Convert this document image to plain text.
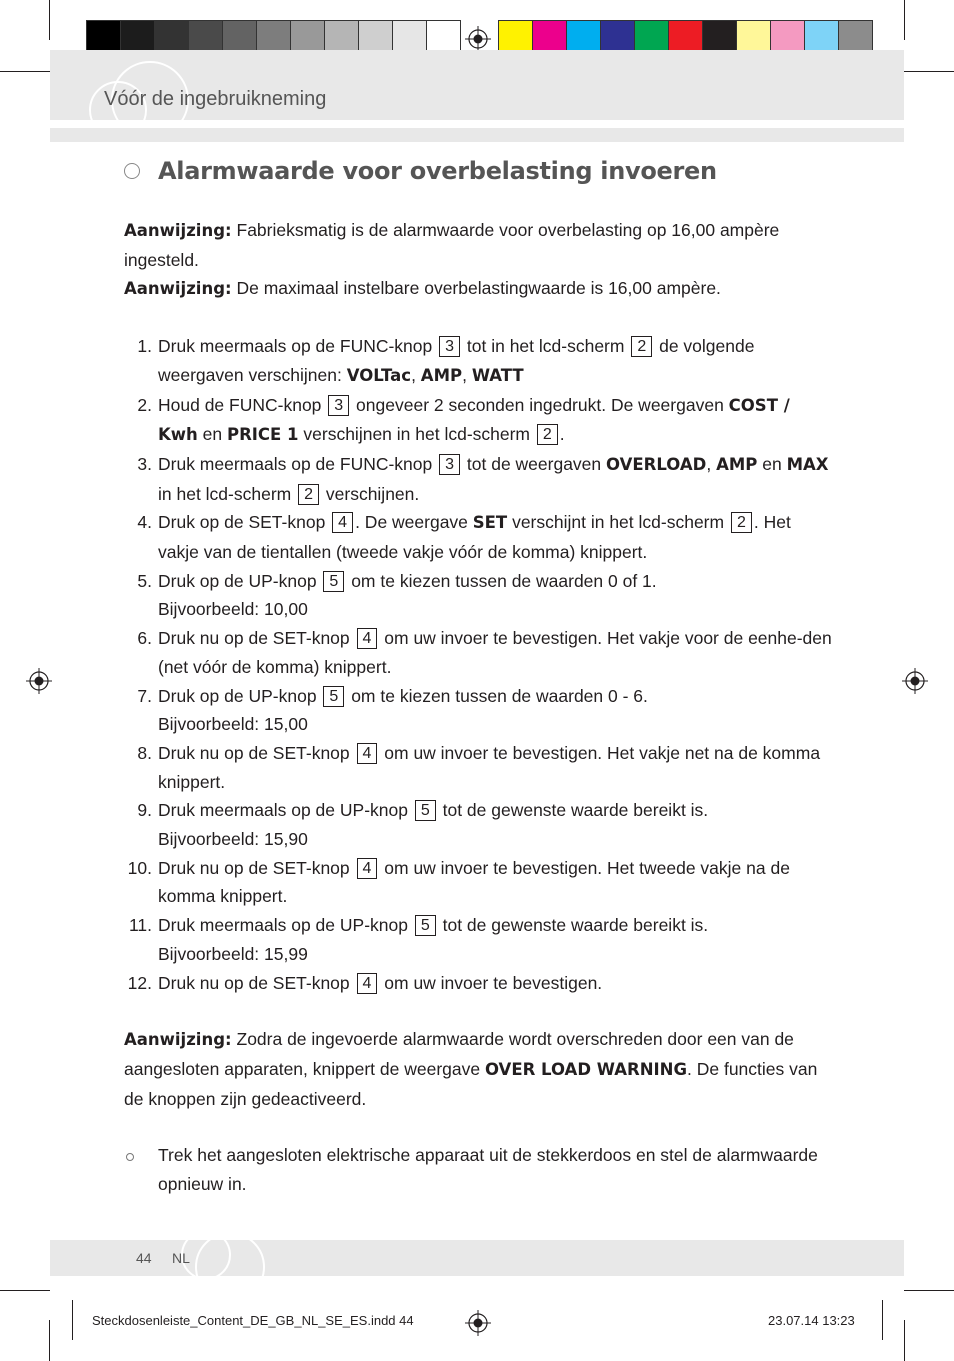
Vóór de ingebruikneming
Alarmwaarde voor overbelasting invoeren

Aanwijzing: Fabrieksmatig is de alarmwaarde voor overbelasting op 16,00 ampère ingesteld.

Aanwijzing: De maximaal instelbare overbelastingwaarde is 16,00 ampère.

1. Druk meermaals op de FUNC-knop 3 tot in het lcd-scherm 2 de volgende weergaven verschijnen: VOLTac, AMP, WATT
2. Houd de FUNC-knop 3 ongeveer 2 seconden ingedrukt. De weergaven COST / Kwh en PRICE 1 verschijnen in het lcd-scherm 2 .
3. Druk meermaals op de FUNC-knop 3 tot de weergaven OVERLOAD, AMP en MAX in het lcd-scherm 2 verschijnen.
4. Druk op de SET-knop 4 . De weergave SET verschijnt in het lcd-scherm 2 . Het vakje van de tientallen (tweede vakje vóór de komma) knippert.
5. Druk op de UP-knop 5 om te kiezen tussen de waarden 0 of 1.
Bijvoorbeeld: 10,00
6. Druk nu op de SET-knop 4 om uw invoer te bevestigen. Het vakje voor de eenhe-den (net vóór de komma) knippert.
7. Druk op de UP-knop 5 om te kiezen tussen de waarden 0 - 6.
Bijvoorbeeld: 15,00
8. Druk nu op de SET-knop 4 om uw invoer te bevestigen. Het vakje net na de komma knippert.
9. Druk meermaals op de UP-knop 5 tot de gewenste waarde bereikt is.
Bijvoorbeeld: 15,90
10. Druk nu op de SET-knop 4 om uw invoer te bevestigen. Het tweede vakje na de komma knippert.
11. Druk meermaals op de UP-knop 5 tot de gewenste waarde bereikt is.
Bijvoorbeeld: 15,99
12. Druk nu op de SET-knop 4 om uw invoer te bevestigen.

Aanwijzing: Zodra de ingevoerde alarmwaarde wordt overschreden door een van de aangesloten apparaten, knippert de weergave OVER LOAD WARNING. De functies van de knoppen zijn gedeactiveerd.

Trek het aangesloten elektrische apparaat uit de stekkerdoos en stel de alarmwaarde opnieuw in.
44 NL
Steckdosenleiste_Content_DE_GB_NL_SE_ES.indd 44	23.07.14 13:23
